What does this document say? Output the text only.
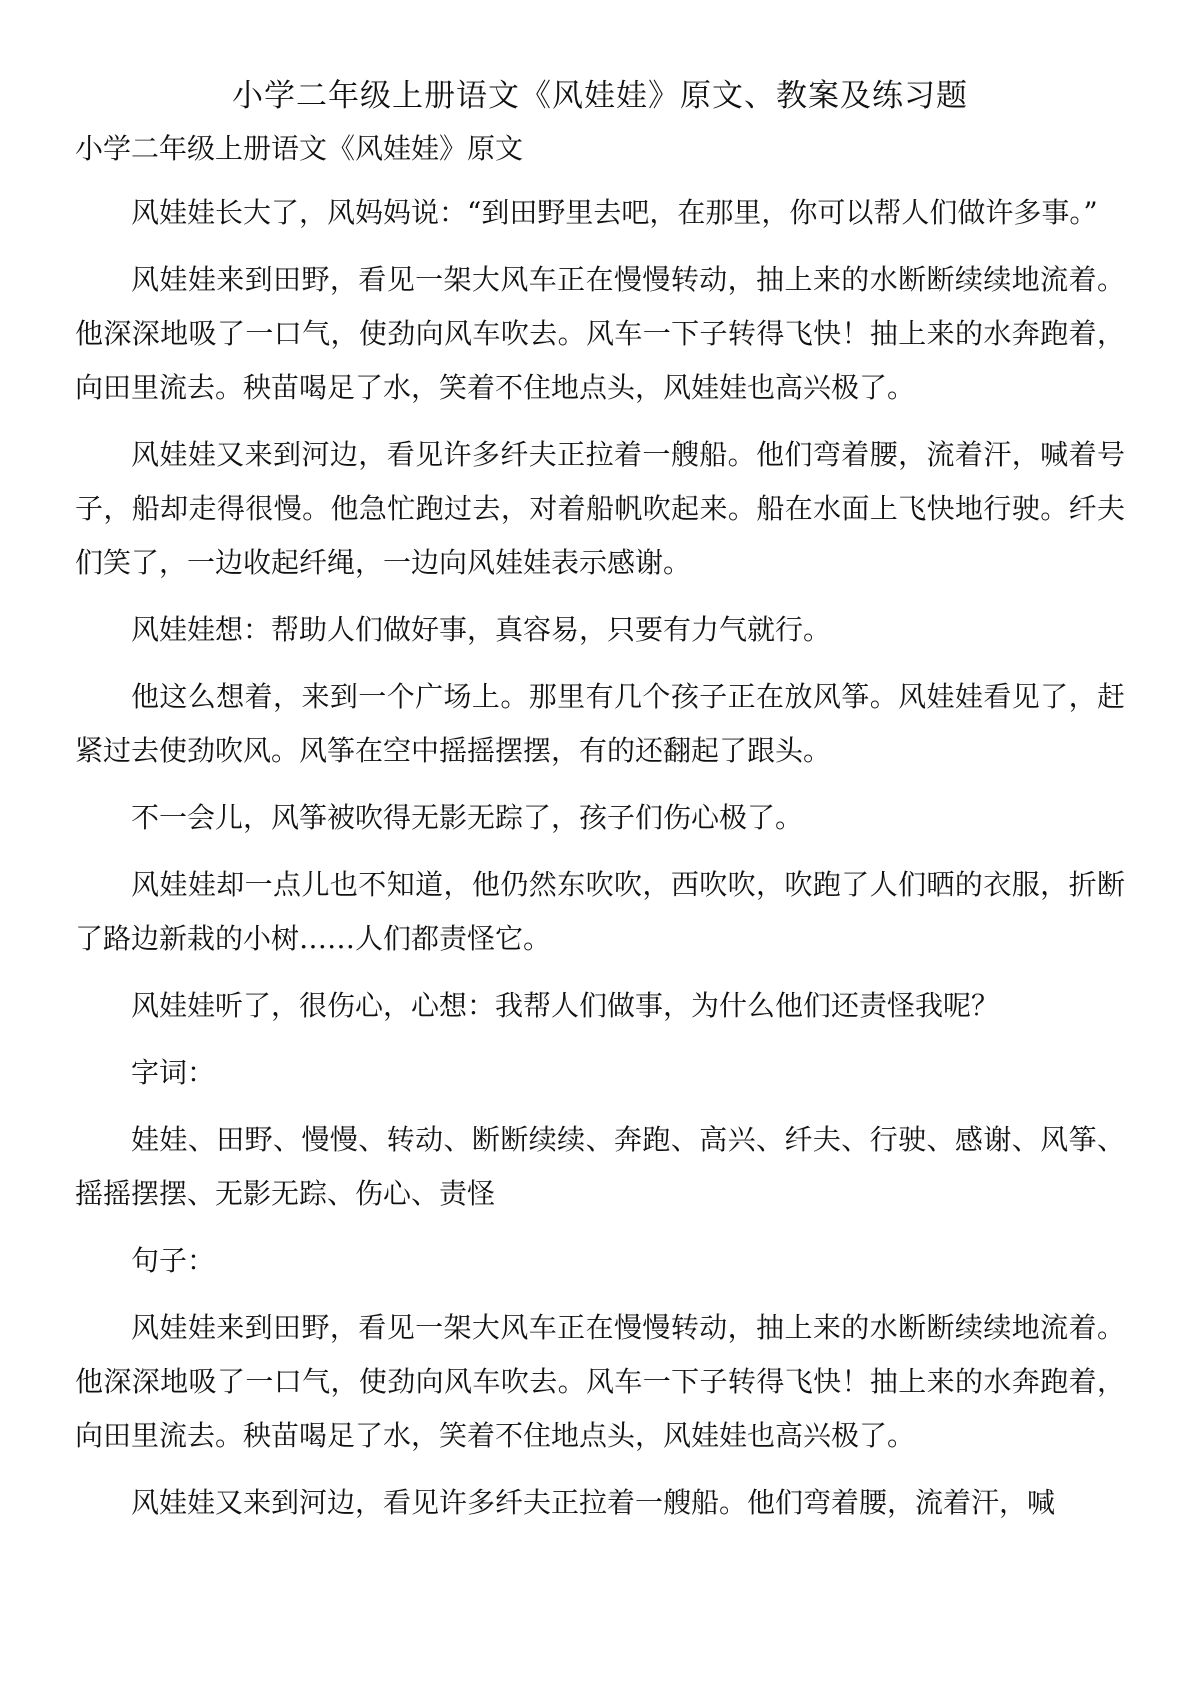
小学二年级上册语文《风娃娃》原文、教案及练习题
小学二年级上册语文《风娃娃》原文
风娃娃长大了，风妈妈说：“到田野里去吧，在那里，你可以帮人们做许多事。”
风娃娃来到田野，看见一架大风车正在慢慢转动，抽上来的水断断续续地流着。他深深地吸了一口气，使劲向风车吹去。风车一下子转得飞快！抽上来的水奔跑着，向田里流去。秧苗喝足了水，笑着不住地点头，风娃娃也高兴极了。
风娃娃又来到河边，看见许多纤夫正拉着一艘船。他们弯着腰，流着汗，喊着号子，船却走得很慢。他急忙跑过去，对着船帆吹起来。船在水面上飞快地行驶。纤夫们笑了，一边收起纤绳，一边向风娃娃表示感谢。
风娃娃想：帮助人们做好事，真容易，只要有力气就行。
他这么想着，来到一个广场上。那里有几个孩子正在放风筝。风娃娃看见了，赶紧过去使劲吹风。风筝在空中摇摇摆摆，有的还翻起了跟头。
不一会儿，风筝被吹得无影无踪了，孩子们伤心极了。
风娃娃却一点儿也不知道，他仍然东吹吹，西吹吹，吹跑了人们晒的衣服，折断了路边新栽的小树……人们都责怪它。
风娃娃听了，很伤心，心想：我帮人们做事，为什么他们还责怪我呢？
字词：
娃娃、田野、慢慢、转动、断断续续、奔跑、高兴、纤夫、行驶、感谢、风筝、摇摇摆摆、无影无踪、伤心、责怪
句子：
风娃娃来到田野，看见一架大风车正在慢慢转动，抽上来的水断断续续地流着。他深深地吸了一口气，使劲向风车吹去。风车一下子转得飞快！抽上来的水奔跑着，向田里流去。秧苗喝足了水，笑着不住地点头，风娃娃也高兴极了。
风娃娃又来到河边，看见许多纤夫正拉着一艘船。他们弯着腰，流着汗，喊
